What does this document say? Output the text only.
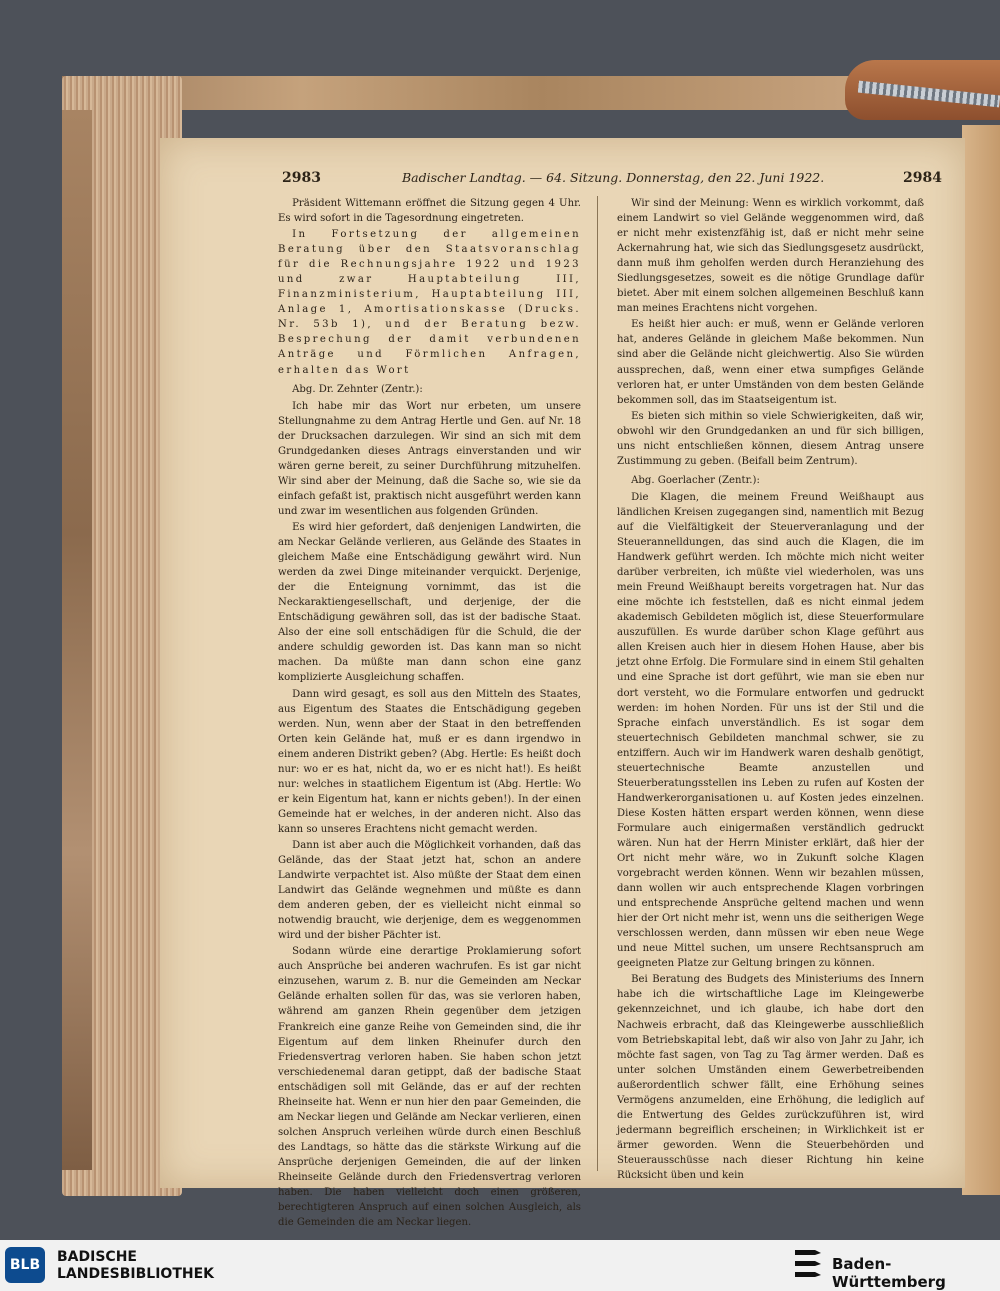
2983	Badischer Landtag. — 64. Sitzung. Donnerstag, den 22. Juni 1922.	2984

Präsident Wittemann eröffnet die Sitzung gegen 4 Uhr. Es wird sofort in die Tagesordnung eingetreten.

In Fortsetzung der allgemeinen Beratung über den Staatsvoranschlag für die Rechnungsjahre 1922 und 1923 und zwar Hauptabteilung III, Finanzministerium, Hauptabteilung III, Anlage 1, Amortisationskasse (Drucks. Nr. 53b 1), und der Beratung bezw. Besprechung der damit verbundenen Anträge und Förmlichen Anfragen, erhalten das Wort

Abg. Dr. Zehnter (Zentr.):

Ich habe mir das Wort nur erbeten, um unsere Stellungnahme zu dem Antrag Hertle und Gen. auf Nr. 18 der Drucksachen darzulegen. Wir sind an sich mit dem Grundgedanken dieses Antrags einverstanden und wir wären gerne bereit, zu seiner Durchführung mitzuhelfen. Wir sind aber der Meinung, daß die Sache so, wie sie da einfach gefaßt ist, praktisch nicht ausgeführt werden kann und zwar im wesentlichen aus folgenden Gründen.

Es wird hier gefordert, daß denjenigen Landwirten, die am Neckar Gelände verlieren, aus Gelände des Staates in gleichem Maße eine Entschädigung gewährt wird. Nun werden da zwei Dinge miteinander verquickt. Derjenige, der die Enteignung vornimmt, das ist die Neckaraktiengesellschaft, und derjenige, der die Entschädigung gewähren soll, das ist der badische Staat. Also der eine soll entschädigen für die Schuld, die der andere schuldig geworden ist. Das kann man so nicht machen. Da müßte man dann schon eine ganz komplizierte Ausgleichung schaffen.

Dann wird gesagt, es soll aus den Mitteln des Staates, aus Eigentum des Staates die Entschädigung gegeben werden. Nun, wenn aber der Staat in den betreffenden Orten kein Gelände hat, muß er es dann irgendwo in einem anderen Distrikt geben? (Abg. Hertle: Es heißt doch nur: wo er es hat, nicht da, wo er es nicht hat!). Es heißt nur: welches in staatlichem Eigentum ist (Abg. Hertle: Wo er kein Eigentum hat, kann er nichts geben!). In der einen Gemeinde hat er welches, in der anderen nicht. Also das kann so unseres Erachtens nicht gemacht werden.

Dann ist aber auch die Möglichkeit vorhanden, daß das Gelände, das der Staat jetzt hat, schon an andere Landwirte verpachtet ist. Also müßte der Staat dem einen Landwirt das Gelände wegnehmen und müßte es dann dem anderen geben, der es vielleicht nicht einmal so notwendig braucht, wie derjenige, dem es weggenommen wird und der bisher Pächter ist.

Sodann würde eine derartige Proklamierung sofort auch Ansprüche bei anderen wachrufen. Es ist gar nicht einzusehen, warum z. B. nur die Gemeinden am Neckar Gelände erhalten sollen für das, was sie verloren haben, während am ganzen Rhein gegenüber dem jetzigen Frankreich eine ganze Reihe von Gemeinden sind, die ihr Eigentum auf dem linken Rheinufer durch den Friedensvertrag verloren haben. Sie haben schon jetzt verschiedenemal daran getippt, daß der badische Staat entschädigen soll mit Gelände, das er auf der rechten Rheinseite hat. Wenn er nun hier den paar Gemeinden, die am Neckar liegen und Gelände am Neckar verlieren, einen solchen Anspruch verleihen würde durch einen Beschluß des Landtags, so hätte das die stärkste Wirkung auf die Ansprüche derjenigen Gemeinden, die auf der linken Rheinseite Gelände durch den Friedensvertrag verloren haben. Die haben vielleicht doch einen größeren, berechtigteren Anspruch auf einen solchen Ausgleich, als die Gemeinden die am Neckar liegen.

Wir sind der Meinung: Wenn es wirklich vorkommt, daß einem Landwirt so viel Gelände weggenommen wird, daß er nicht mehr existenzfähig ist, daß er nicht mehr seine Ackernahrung hat, wie sich das Siedlungsgesetz ausdrückt, dann muß ihm geholfen werden durch Heranziehung des Siedlungsgesetzes, soweit es die nötige Grundlage dafür bietet. Aber mit einem solchen allgemeinen Beschluß kann man meines Erachtens nicht vorgehen.

Es heißt hier auch: er muß, wenn er Gelände verloren hat, anderes Gelände in gleichem Maße bekommen. Nun sind aber die Gelände nicht gleichwertig. Also Sie würden aussprechen, daß, wenn einer etwa sumpfiges Gelände verloren hat, er unter Umständen von dem besten Gelände bekommen soll, das im Staatseigentum ist.

Es bieten sich mithin so viele Schwierigkeiten, daß wir, obwohl wir den Grundgedanken an und für sich billigen, uns nicht entschließen können, diesem Antrag unsere Zustimmung zu geben. (Beifall beim Zentrum).

Abg. Goerlacher (Zentr.):

Die Klagen, die meinem Freund Weißhaupt aus ländlichen Kreisen zugegangen sind, namentlich mit Bezug auf die Vielfältigkeit der Steuerveranlagung und der Steuerannelldungen, das sind auch die Klagen, die im Handwerk geführt werden. Ich möchte mich nicht weiter darüber verbreiten, ich müßte viel wiederholen, was uns mein Freund Weißhaupt bereits vorgetragen hat. Nur das eine möchte ich feststellen, daß es nicht einmal jedem akademisch Gebildeten möglich ist, diese Steuerformulare auszufüllen. Es wurde darüber schon Klage geführt aus allen Kreisen auch hier in diesem Hohen Hause, aber bis jetzt ohne Erfolg. Die Formulare sind in einem Stil gehalten und eine Sprache ist dort geführt, wie man sie eben nur dort versteht, wo die Formulare entworfen und gedruckt werden: im hohen Norden. Für uns ist der Stil und die Sprache einfach unverständlich. Es ist sogar dem steuertechnisch Gebildeten manchmal schwer, sie zu entziffern. Auch wir im Handwerk waren deshalb genötigt, steuertechnische Beamte anzustellen und Steuerberatungsstellen ins Leben zu rufen auf Kosten der Handwerkerorganisationen u. auf Kosten jedes einzelnen. Diese Kosten hätten erspart werden können, wenn diese Formulare auch einigermaßen verständlich gedruckt wären. Nun hat der Herrn Minister erklärt, daß hier der Ort nicht mehr wäre, wo in Zukunft solche Klagen vorgebracht werden können. Wenn wir bezahlen müssen, dann wollen wir auch entsprechende Klagen vorbringen und entsprechende Ansprüche geltend machen und wenn hier der Ort nicht mehr ist, wenn uns die seitherigen Wege verschlossen werden, dann müssen wir eben neue Wege und neue Mittel suchen, um unsere Rechtsanspruch am geeigneten Platze zur Geltung bringen zu können.

Bei Beratung des Budgets des Ministeriums des Innern habe ich die wirtschaftliche Lage im Kleingewerbe gekennzeichnet, und ich glaube, ich habe dort den Nachweis erbracht, daß das Kleingewerbe ausschließlich vom Betriebskapital lebt, daß wir also von Jahr zu Jahr, ich möchte fast sagen, von Tag zu Tag ärmer werden. Daß es unter solchen Umständen einem Gewerbetreibenden außerordentlich schwer fällt, eine Erhöhung seines Vermögens anzumelden, eine Erhöhung, die lediglich auf die Entwertung des Geldes zurückzuführen ist, wird jedermann begreiflich erscheinen; in Wirklichkeit ist er ärmer geworden. Wenn die Steuerbehörden und Steuerausschüsse nach dieser Richtung hin keine Rücksicht üben und kein

BLB	BADISCHE
LANDESBIBLIOTHEK
Baden-Württemberg
